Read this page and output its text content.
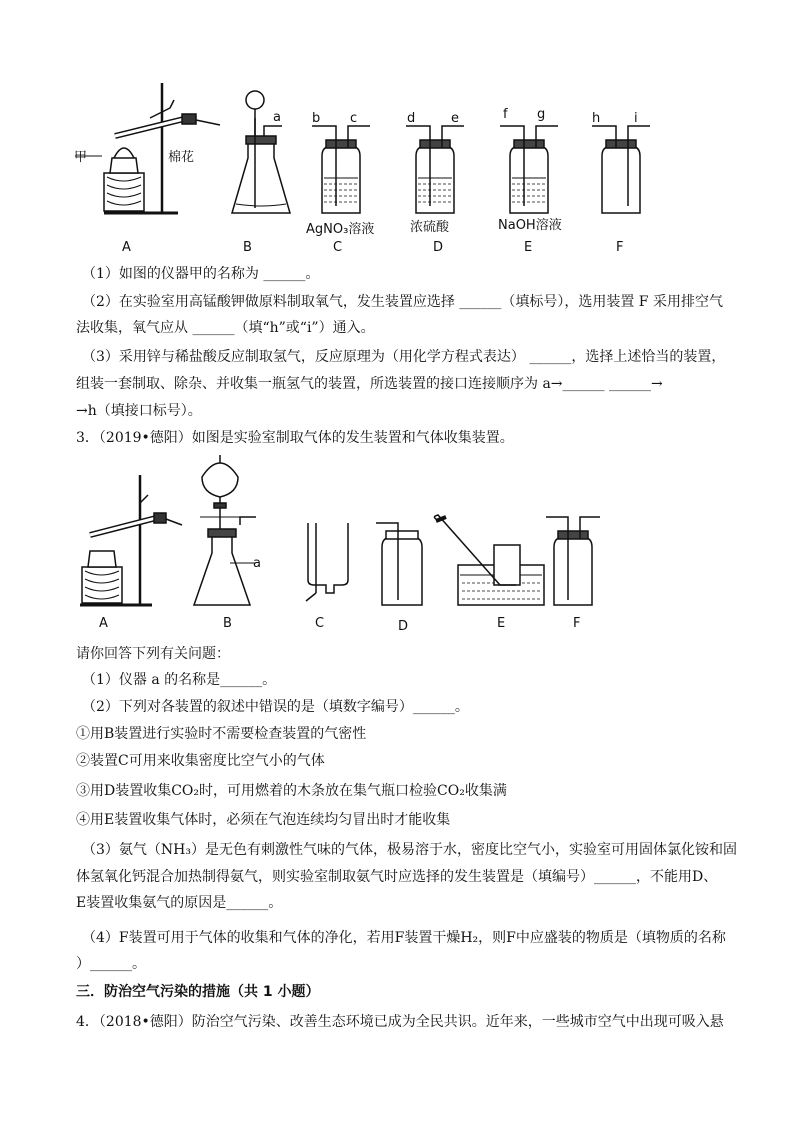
甲	棉花
a b c	d	e	f g	h	i
AgNO₃溶液	浓硫酸	NaOH溶液
A	B	C	D	E	F
（1）如图的仪器甲的名称为 ______。
（2）在实验室用高锰酸钾做原料制取氧气，发生装置应选择 ______（填标号），选用装置 F 采用排空气
法收集，氧气应从 ______（填“h”或“i”）通入。
（3）采用锌与稀盐酸反应制取氢气，反应原理为（用化学方程式表达） ______，选择上述恰当的装置，
组装一套制取、除杂、并收集一瓶氢气的装置，所选装置的接口连接顺序为 a→______ ______→
→h（填接口标号）。
3．（2019•德阳）如图是实验室制取气体的发生装置和气体收集装置。
a
A	B	C	D	E	F
请你回答下列有关问题：
（1）仪器 a 的名称是______。
（2）下列对各装置的叙述中错误的是（填数字编号）______。
①用B装置进行实验时不需要检查装置的气密性
②装置C可用来收集密度比空气小的气体
③用D装置收集CO₂时，可用燃着的木条放在集气瓶口检验CO₂收集满
④用E装置收集气体时，必须在气泡连续均匀冒出时才能收集
（3）氨气（NH₃）是无色有刺激性气味的气体，极易溶于水，密度比空气小，实验室可用固体氯化铵和固
体氢氧化钙混合加热制得氨气，则实验室制取氨气时应选择的发生装置是（填编号）______，不能用D、
E装置收集氨气的原因是______。
（4）F装置可用于气体的收集和气体的净化，若用F装置干燥H₂，则F中应盛装的物质是（填物质的名称
）______。
三．防治空气污染的措施（共 1 小题）
4．（2018•德阳）防治空气污染、改善生态环境已成为全民共识。近年来，一些城市空气中出现可吸入悬
